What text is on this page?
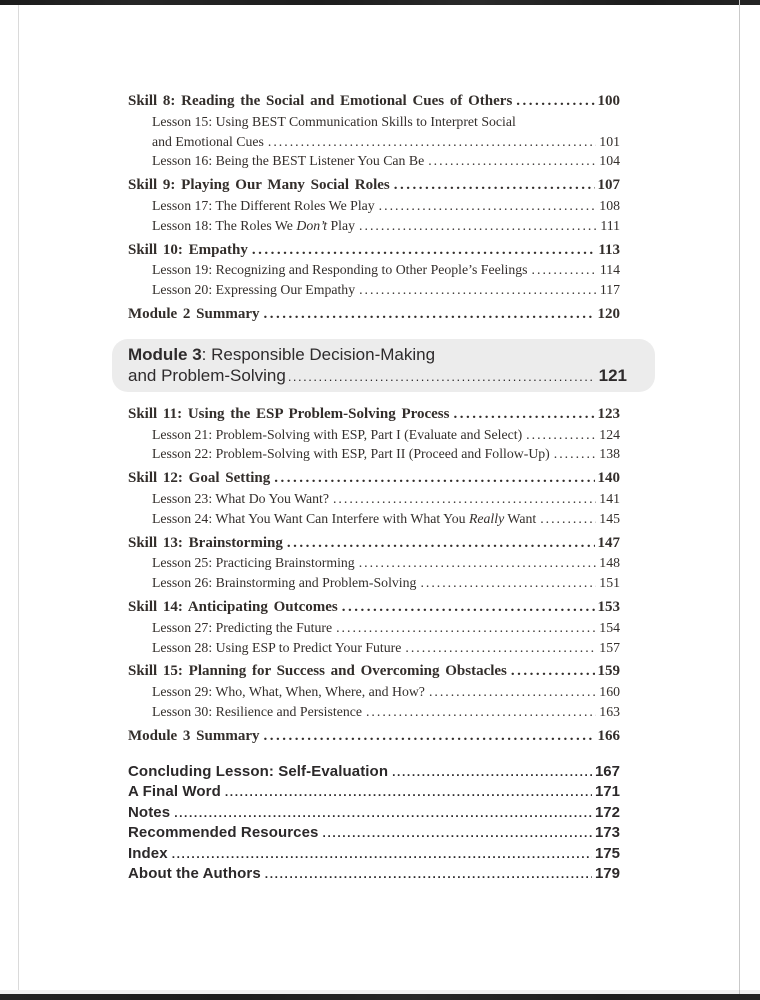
Skill 8: Reading the Social and Emotional Cues of Others .....	100
Lesson 15: Using BEST Communication Skills to Interpret Social
and Emotional Cues .....	101
Lesson 16: Being the BEST Listener You Can Be .....	104
Skill 9: Playing Our Many Social Roles .....	107
Lesson 17: The Different Roles We Play .....	108
Lesson 18: The Roles We Don’t Play .....	111
Skill 10: Empathy .....	113
Lesson 19: Recognizing and Responding to Other People’s Feelings .....	114
Lesson 20: Expressing Our Empathy .....	117
Module 2 Summary .....	120
Module 3: Responsible Decision-Making
and Problem-Solving .....	121
Skill 11: Using the ESP Problem-Solving Process .....	123
Lesson 21: Problem-Solving with ESP, Part I (Evaluate and Select) .....	124
Lesson 22: Problem-Solving with ESP, Part II (Proceed and Follow-Up) .....	138
Skill 12: Goal Setting .....	140
Lesson 23: What Do You Want? .....	141
Lesson 24: What You Want Can Interfere with What You Really Want .....	145
Skill 13: Brainstorming .....	147
Lesson 25: Practicing Brainstorming .....	148
Lesson 26: Brainstorming and Problem-Solving .....	151
Skill 14: Anticipating Outcomes .....	153
Lesson 27: Predicting the Future .....	154
Lesson 28: Using ESP to Predict Your Future .....	157
Skill 15: Planning for Success and Overcoming Obstacles .....	159
Lesson 29: Who, What, When, Where, and How? .....	160
Lesson 30: Resilience and Persistence .....	163
Module 3 Summary .....	166
Concluding Lesson: Self-Evaluation .....	167
A Final Word .....	171
Notes .....	172
Recommended Resources .....	173
Index .....	175
About the Authors .....	179
